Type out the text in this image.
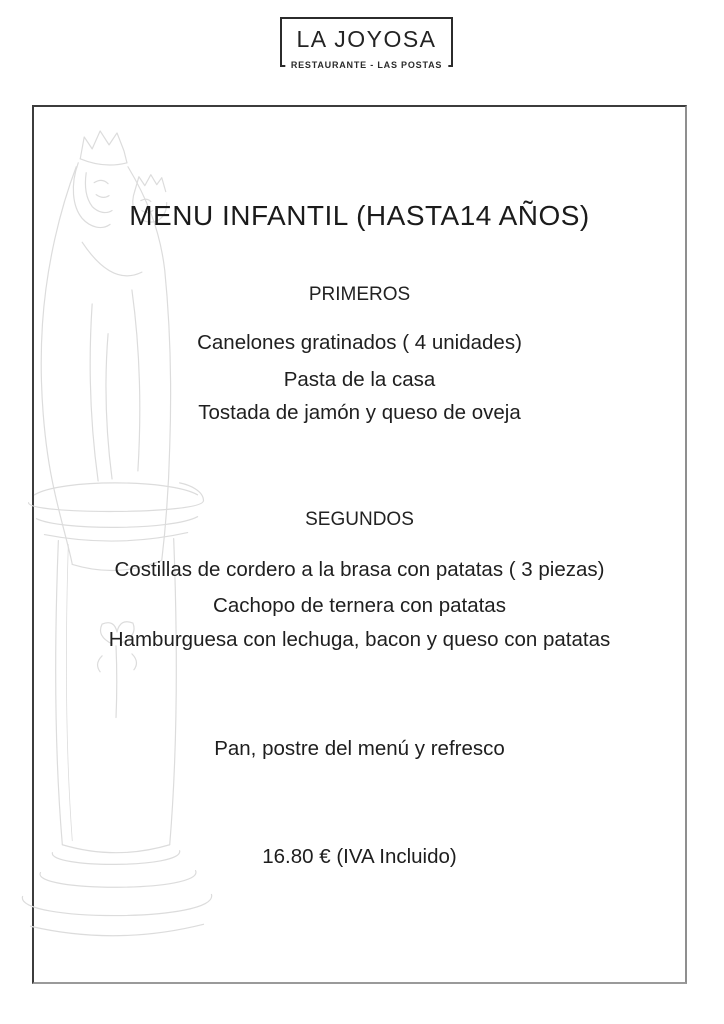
LA JOYOSA
RESTAURANTE - LAS POSTAS
MENU INFANTIL (HASTA14 AÑOS)
PRIMEROS
Canelones gratinados ( 4 unidades)
Pasta de la casa
Tostada de jamón y queso de oveja
SEGUNDOS
Costillas de cordero a la brasa con patatas ( 3 piezas)
Cachopo de ternera con patatas
Hamburguesa con lechuga, bacon y queso con patatas
Pan, postre del menú y refresco
16.80 € (IVA Incluido)
